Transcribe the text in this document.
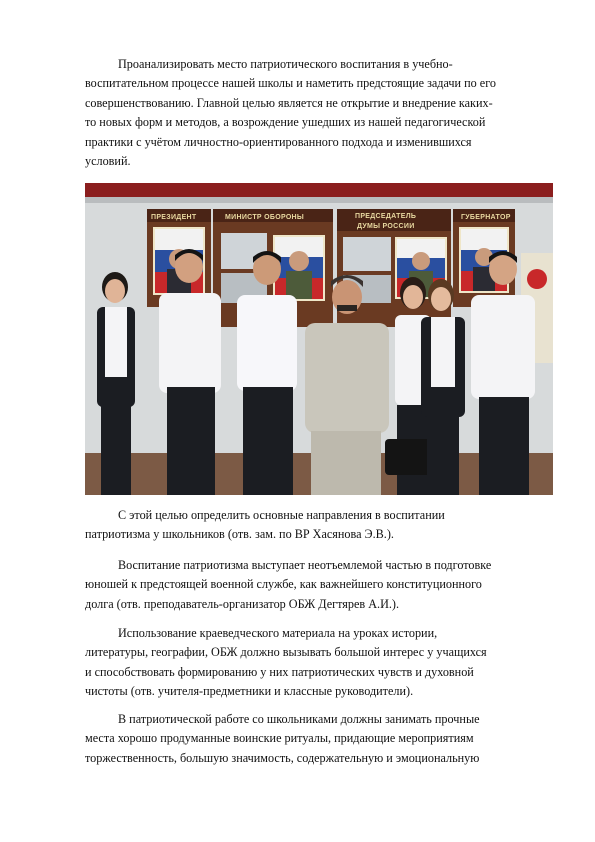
Проанализировать место патриотического воспитания в учебно-
воспитательном процессе нашей школы и наметить предстоящие задачи по его
совершенствованию. Главной целью является не открытие и внедрение каких-
то новых форм и методов, а возрождение ушедших из нашей педагогической
практики с учётом личностно-ориентированного подхода и изменившихся
условий.

ПРЕЗИДЕНТ	МИНИСТР ОБОРОНЫ	ПРЕДСЕДАТЕЛЬ
ДУМЫ РОССИИ
ГУБЕРНАТОР

С этой целью определить основные направления в воспитании
патриотизма у школьников (отв. зам. по ВР Хасянова Э.В.).

Воспитание патриотизма выступает неотъемлемой частью в подготовке
юношей к предстоящей военной службе, как важнейшего конституционного
долга (отв. преподаватель-организатор ОБЖ Дегтярев А.И.).

Использование краеведческого материала на уроках истории,
литературы, географии, ОБЖ должно вызывать большой интерес у учащихся
и способствовать формированию у них патриотических чувств и духовной
чистоты (отв. учителя-предметники и классные руководители).

В патриотической работе со школьниками должны занимать прочные
места хорошо продуманные воинские ритуалы, придающие мероприятиям
торжественность, большую значимость, содержательную и эмоциональную
